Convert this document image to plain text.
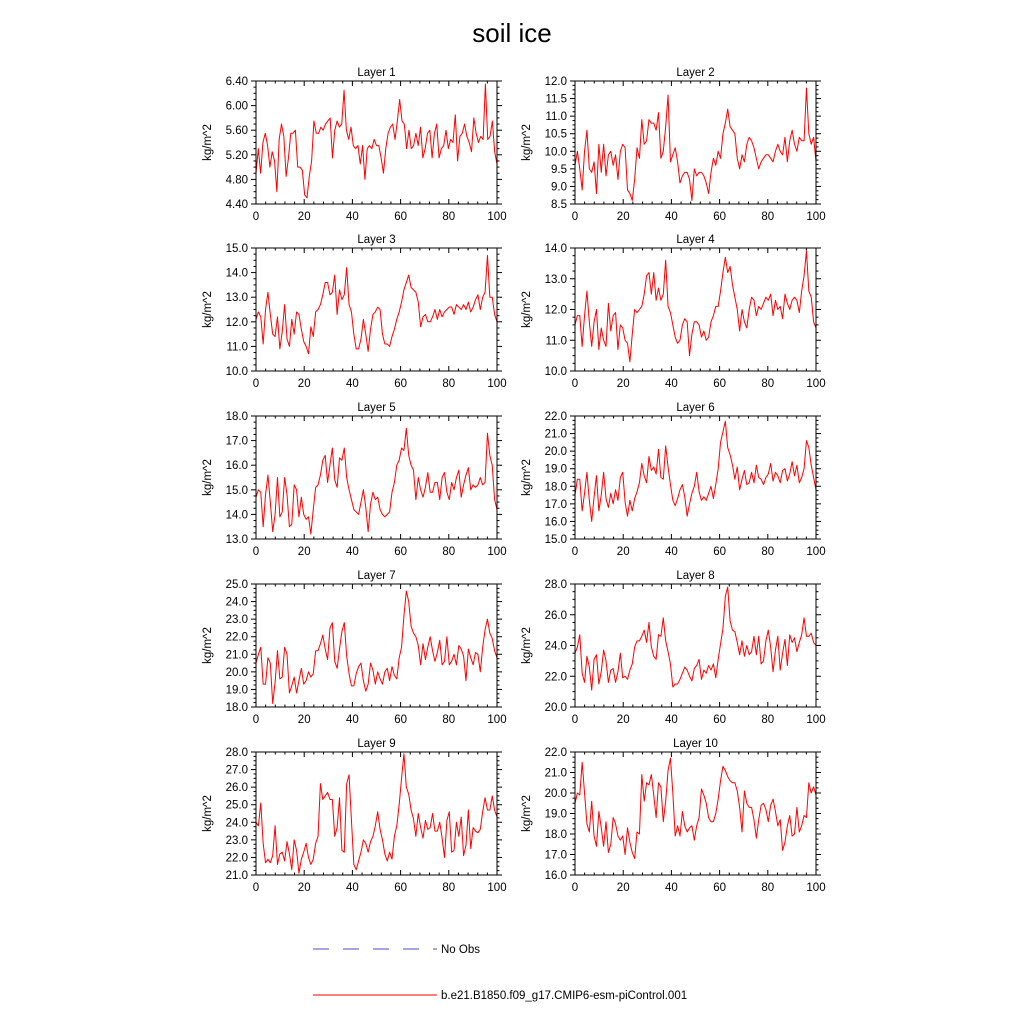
soil ice
Layer 1
kg/m^2
0	20	40	60	80	100
4.40
4.80
5.20
5.60
6.00
6.40
Layer 2
kg/m^2
0	20	40	60	80	100
8.5
9.0
9.5
10.0
10.5
11.0
11.5
12.0
Layer 3
kg/m^2
0	20	40	60	80	100
10.0
11.0
12.0
13.0
14.0
15.0
Layer 4
kg/m^2
0	20	40	60	80	100
10.0
11.0
12.0
13.0
14.0
Layer 5
kg/m^2
0	20	40	60	80	100
13.0
14.0
15.0
16.0
17.0
18.0
Layer 6
kg/m^2
0	20	40	60	80	100
15.0
16.0
17.0
18.0
19.0
20.0
21.0
22.0
Layer 7
kg/m^2
0	20	40	60	80	100
18.0
19.0
20.0
21.0
22.0
23.0
24.0
25.0
Layer 8
kg/m^2
0	20	40	60	80	100
20.0
22.0
24.0
26.0
28.0
Layer 9
kg/m^2
0	20	40	60	80	100
21.0
22.0
23.0
24.0
25.0
26.0
27.0
28.0
Layer 10
kg/m^2
0	20	40	60	80	100
16.0
17.0
18.0
19.0
20.0
21.0
22.0
No Obs
b.e21.B1850.f09_g17.CMIP6-esm-piControl.001
